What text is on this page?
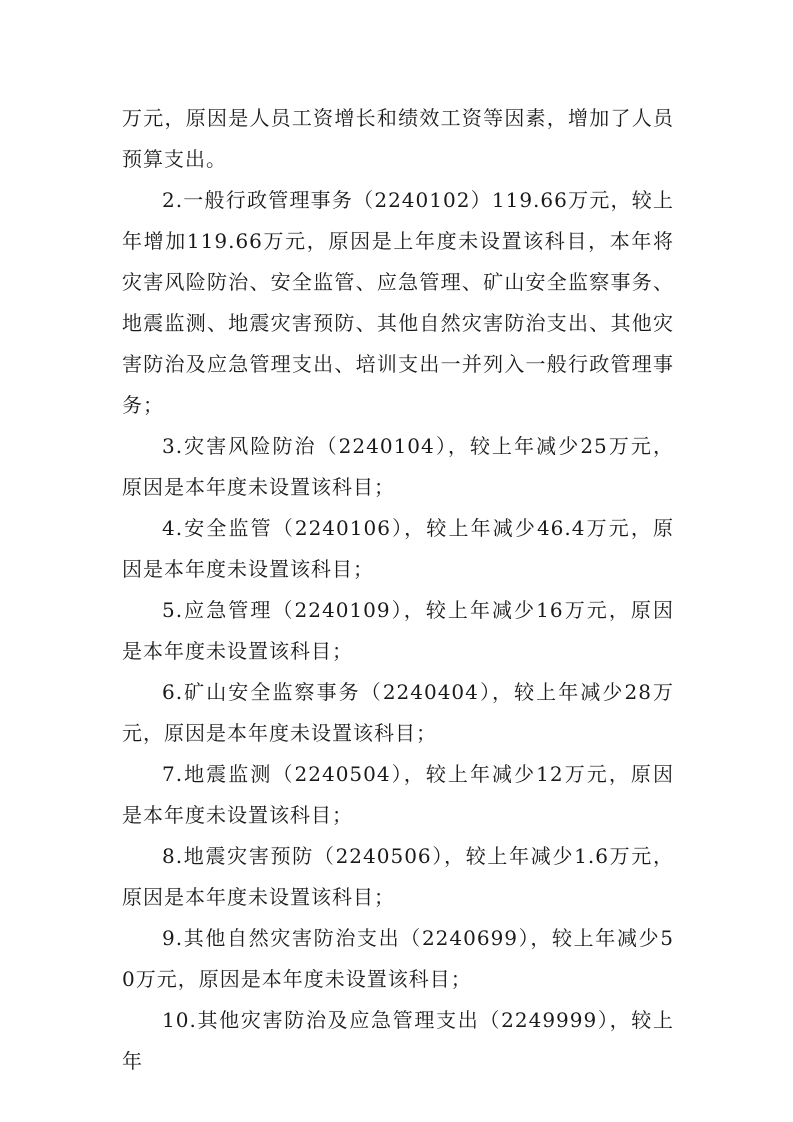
万元，原因是人员工资增长和绩效工资等因素，增加了人员预算支出。

2.一般行政管理事务（2240102）119.66万元，较上年增加119.66万元，原因是上年度未设置该科目，本年将灾害风险防治、安全监管、应急管理、矿山安全监察事务、地震监测、地震灾害预防、其他自然灾害防治支出、其他灾害防治及应急管理支出、培训支出一并列入一般行政管理事务；

3.灾害风险防治（2240104），较上年减少25万元，原因是本年度未设置该科目；

4.安全监管（2240106），较上年减少46.4万元，原因是本年度未设置该科目；

5.应急管理（2240109），较上年减少16万元，原因是本年度未设置该科目；

6.矿山安全监察事务（2240404），较上年减少28万元，原因是本年度未设置该科目；

7.地震监测（2240504），较上年减少12万元，原因是本年度未设置该科目；

8.地震灾害预防（2240506），较上年减少1.6万元，原因是本年度未设置该科目；

9.其他自然灾害防治支出（2240699），较上年减少50万元，原因是本年度未设置该科目；

10.其他灾害防治及应急管理支出（2249999），较上年
